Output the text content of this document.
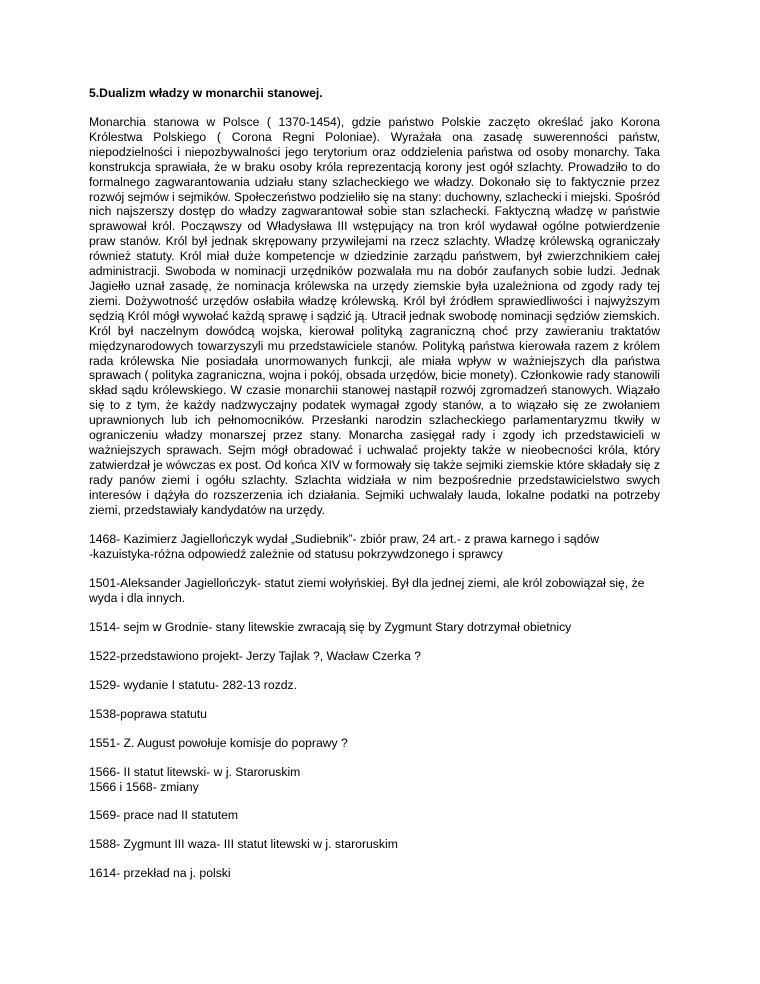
5.Dualizm władzy w monarchii stanowej.

Monarchia stanowa w Polsce ( 1370-1454), gdzie państwo Polskie zaczęto określać jako Korona Królestwa Polskiego ( Corona Regni Poloniae). Wyrażała ona zasadę suwerenności państw, niepodzielności i niepozbywalności jego terytorium oraz oddzielenia państwa od osoby monarchy. Taka konstrukcja sprawiała, że w braku osoby króla reprezentacją korony jest ogół szlachty. Prowadziło to do formalnego zagwarantowania udziału stany szlacheckiego we władzy. Dokonało się to faktycznie przez rozwój sejmów i sejmików. Społeczeństwo podzieliło się na stany: duchowny, szlachecki i miejski. Spośród nich najszerszy dostęp do władzy zagwarantował sobie stan szlachecki. Faktyczną władzę w państwie sprawował król. Począwszy od Władysława III wstępujący na tron król wydawał ogólne potwierdzenie praw stanów. Król był jednak skrępowany przywilejami na rzecz szlachty. Władzę królewską ograniczały również statuty. Król miał duże kompetencje w dziedzinie zarządu państwem, był zwierzchnikiem całej administracji. Swoboda w nominacji urzędników pozwalała mu na dobór zaufanych sobie ludzi. Jednak Jagiełło uznał zasadę, że nominacja królewska na urzędy ziemskie była uzależniona od zgody rady tej ziemi. Dożywotność urzędów osłabiła władzę królewską. Król był źródłem sprawiedliwości i najwyższym sędzią Król mógł wywołać każdą sprawę i sądzić ją. Utracił jednak swobodę nominacji sędziów ziemskich. Król był naczelnym dowódcą wojska, kierował polityką zagraniczną choć przy zawieraniu traktatów międzynarodowych towarzyszyli mu przedstawiciele stanów. Polityką państwa kierowała razem z królem rada królewska Nie posiadała unormowanych funkcji, ale miała wpływ w ważniejszych dla państwa sprawach ( polityka zagraniczna, wojna i pokój, obsada urzędów, bicie monety). Członkowie rady stanowili skład sądu królewskiego. W czasie monarchii stanowej nastąpił rozwój zgromadzeń stanowych. Wiązało się to z tym, że każdy nadzwyczajny podatek wymagał zgody stanów, a to wiązało się ze zwołaniem uprawnionych lub ich pełnomocników. Przesłanki narodzin szlacheckiego parlamentaryzmu tkwiły w ograniczeniu władzy monarszej przez stany. Monarcha zasięgał rady i zgody ich przedstawicieli w ważniejszych sprawach. Sejm mógł obradować i uchwalać projekty także w nieobecności króla, który zatwierdzał je wówczas ex post. Od końca XIV w formowały się także sejmiki ziemskie które składały się z rady panów ziemi i ogółu szlachty. Szlachta widziała w nim bezpośrednie przedstawicielstwo swych interesów i dążyła do rozszerzenia ich działania. Sejmiki uchwalały lauda, lokalne podatki na potrzeby ziemi, przedstawiały kandydatów na urzędy.

1468- Kazimierz Jagiellończyk wydał „Sudiebnik”- zbiór praw, 24 art.- z prawa karnego i sądów
-kazuistyka-różna odpowiedź zależnie od statusu pokrzywdzonego i sprawcy
1501-Aleksander Jagiellończyk- statut ziemi wołyńskiej. Był dla jednej ziemi, ale król zobowiązał się, że
wyda i dla innych.
1514- sejm w Grodnie- stany litewskie zwracają się by Zygmunt Stary dotrzymał obietnicy
1522-przedstawiono projekt- Jerzy Tajlak ?, Wacław Czerka ?
1529- wydanie I statutu- 282-13 rozdz.
1538-poprawa statutu
1551- Z. August powołuje komisje do poprawy ?
1566- II statut litewski- w j. Staroruskim
1566 i 1568- zmiany
1569- prace nad II statutem
1588- Zygmunt III waza- III statut litewski w j. staroruskim
1614- przekład na j. polski
